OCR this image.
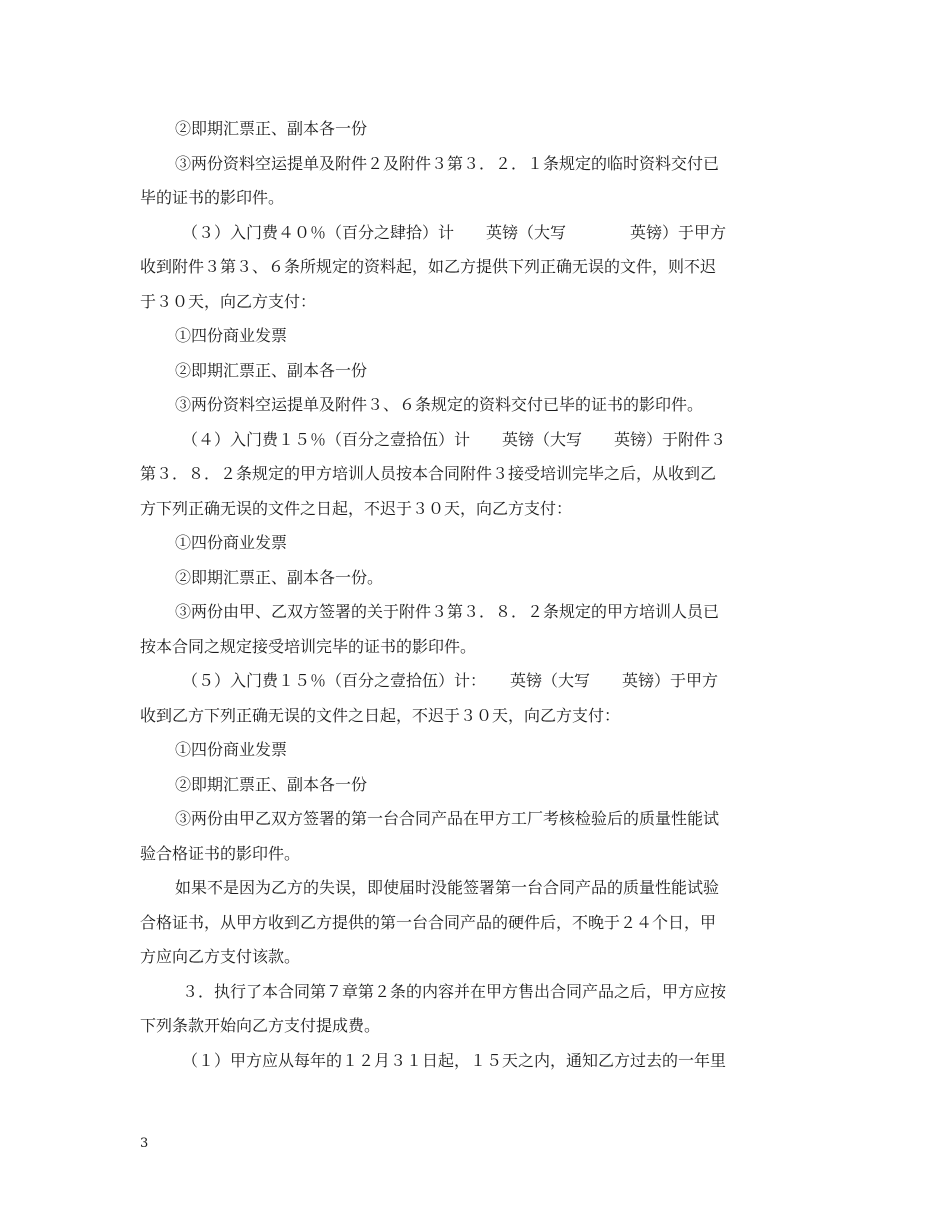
②即期汇票正、副本各一份
③两份资料空运提单及附件２及附件３第３．２．１条规定的临时资料交付已
毕的证书的影印件。
（３）入门费４０％（百分之肆拾）计　　英镑（大写　　　　英镑）于甲方
收到附件３第３、６条所规定的资料起，如乙方提供下列正确无误的文件，则不迟
于３０天，向乙方支付：
①四份商业发票
②即期汇票正、副本各一份
③两份资料空运提单及附件３、６条规定的资料交付已毕的证书的影印件。
（４）入门费１５％（百分之壹拾伍）计　　英镑（大写　　英镑）于附件３
第３．８．２条规定的甲方培训人员按本合同附件３接受培训完毕之后，从收到乙
方下列正确无误的文件之日起，不迟于３０天，向乙方支付：
①四份商业发票
②即期汇票正、副本各一份。
③两份由甲、乙双方签署的关于附件３第３．８．２条规定的甲方培训人员已
按本合同之规定接受培训完毕的证书的影印件。
（５）入门费１５％（百分之壹拾伍）计：　　英镑（大写　　英镑）于甲方
收到乙方下列正确无误的文件之日起，不迟于３０天，向乙方支付：
①四份商业发票
②即期汇票正、副本各一份
③两份由甲乙双方签署的第一台合同产品在甲方工厂考核检验后的质量性能试
验合格证书的影印件。
如果不是因为乙方的失误，即使届时没能签署第一台合同产品的质量性能试验
合格证书，从甲方收到乙方提供的第一台合同产品的硬件后，不晚于２４个日，甲
方应向乙方支付该款。
３．执行了本合同第７章第２条的内容并在甲方售出合同产品之后，甲方应按
下列条款开始向乙方支付提成费。
（１）甲方应从每年的１２月３１日起，１５天之内，通知乙方过去的一年里
3
